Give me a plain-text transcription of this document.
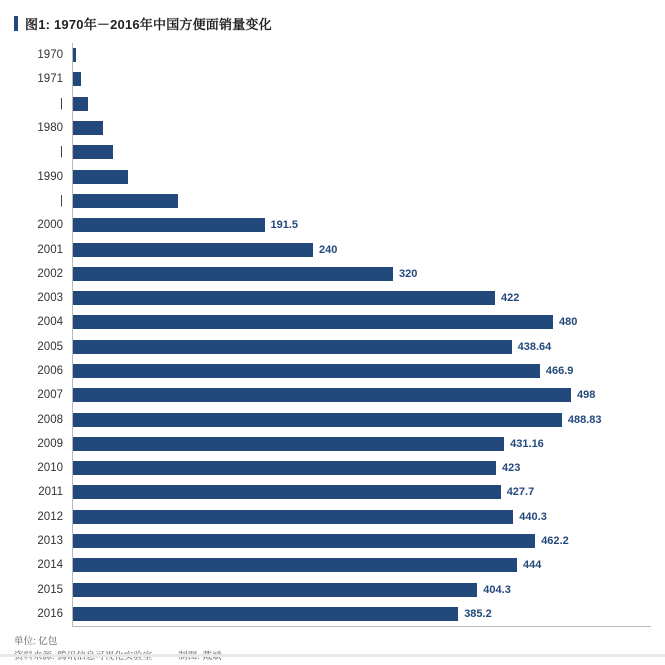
图1: 1970年－2016年中国方便面销量变化
1970
1971
|
1980
|
1990
|
2000	191.5
2001	240
2002	320
2003	422
2004	480
2005	438.64
2006	466.9
2007	498
2008	488.83
2009	431.16
2010	423
2011	427.7
2012	440.3
2013	462.2
2014	444
2015	404.3
2016	385.2
单位: 亿包
